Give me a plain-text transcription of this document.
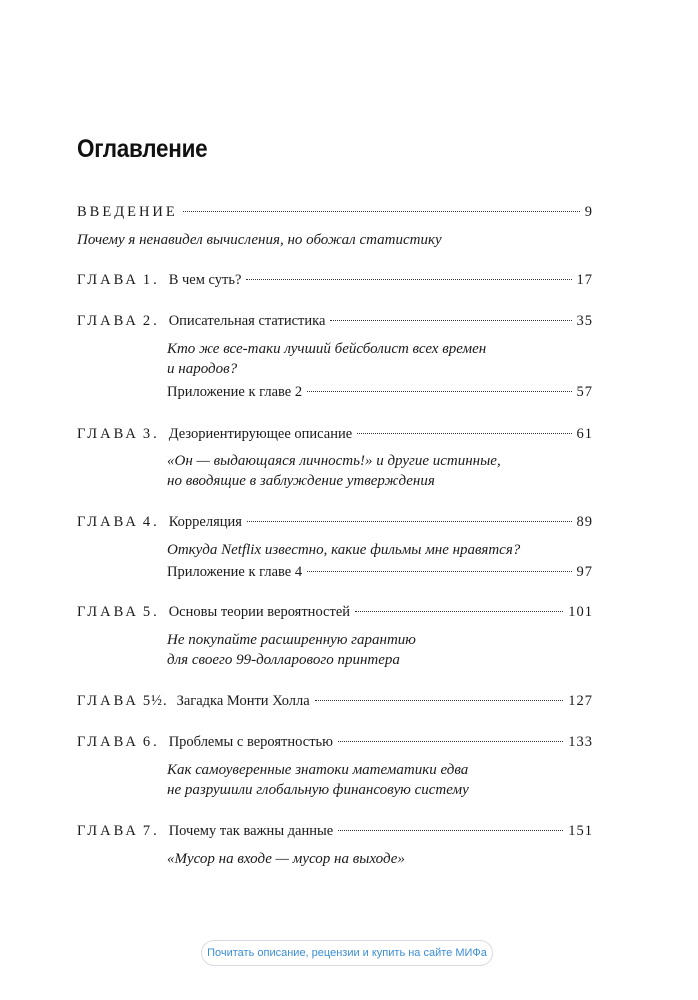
Оглавление
ВВЕДЕНИЕ	9
Почему я ненавидел вычисления, но обожал статистику
ГЛАВА 1. В чем суть?	17
ГЛАВА 2. Описательная статистика	35
Кто же все-таки лучший бейсболист всех времен
и народов?
Приложение к главе 2	57
ГЛАВА 3. Дезориентирующее описание	61
«Он — выдающаяся личность!» и другие истинные,
но вводящие в заблуждение утверждения
ГЛАВА 4. Корреляция	89
Откуда Netflix известно, какие фильмы мне нравятся?
Приложение к главе 4	97
ГЛАВА 5. Основы теории вероятностей	101
Не покупайте расширенную гарантию
для своего 99-долларового принтера
ГЛАВА 5½. Загадка Монти Холла	127
ГЛАВА 6. Проблемы с вероятностью	133
Как самоуверенные знатоки математики едва
не разрушили глобальную финансовую систему
ГЛАВА 7. Почему так важны данные	151
«Мусор на входе — мусор на выходе»
Почитать описание, рецензии и купить на сайте МИФа
